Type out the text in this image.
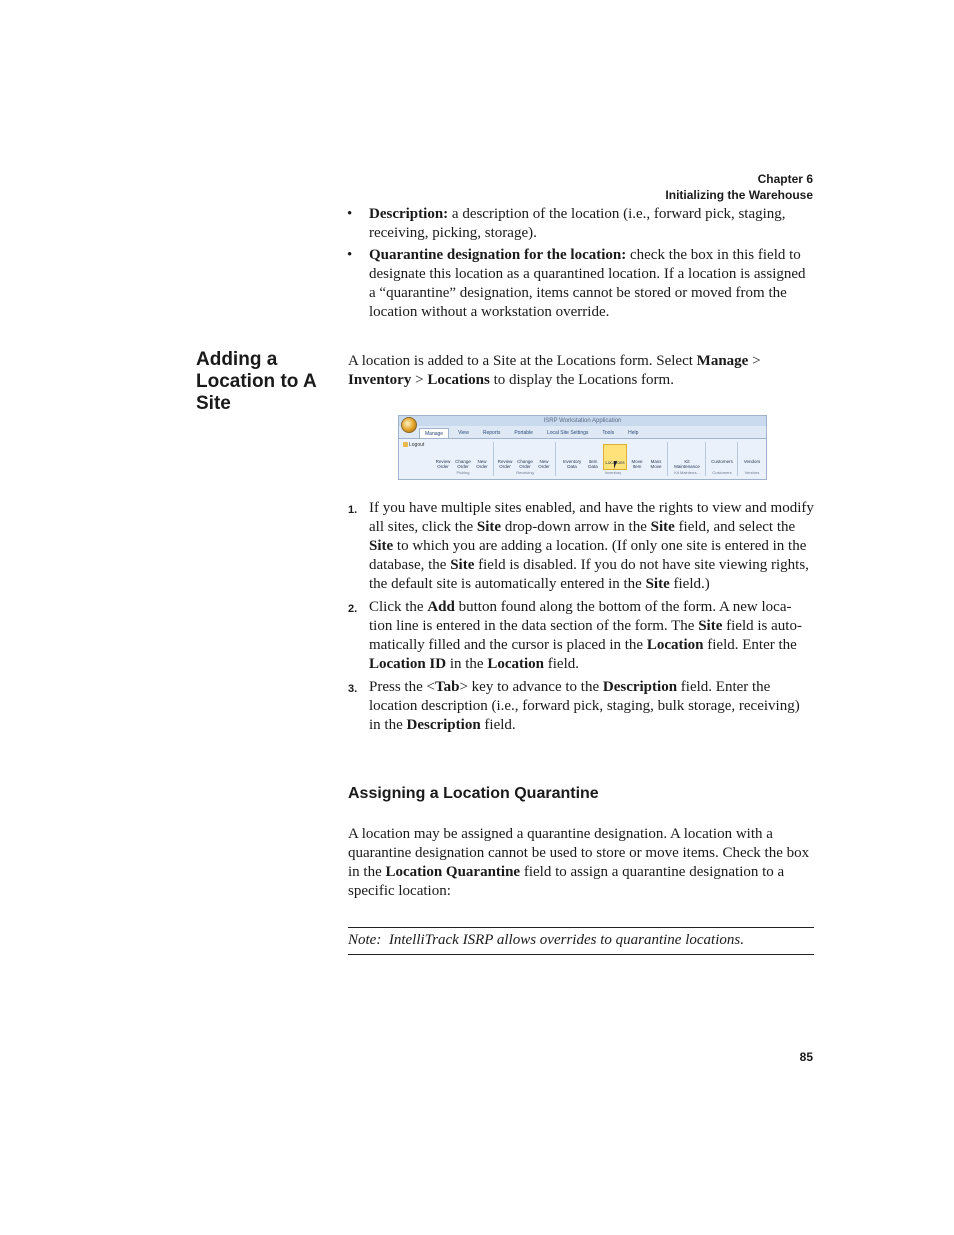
Chapter 6
Initializing the Warehouse
• Description: a description of the location (i.e., forward pick, staging, receiving, picking, storage).
• Quarantine designation for the location: check the box in this field to designate this location as a quarantined location. If a location is assigned a “quarantine” designation, items cannot be stored or moved from the location without a workstation override.
Adding a Location to A Site
A location is added to a Site at the Locations form. Select Manage > Inventory > Locations to display the Locations form.
ISRP Workstation Application
Manage	View	Reports	Portable	Local Site Settings	Tools	Help
Logout
Review Order
Change Order
New Order
Picking
Review Order
Change Order
New Order
Receiving
Inventory Data
Item Data
Locations	Move Item
Mass Move
Inventory
Kit Maintenance
Kit Maintena...
Customers
Customers
Vendors
Vendors
1. If you have multiple sites enabled, and have the rights to view and modify all sites, click the Site drop-down arrow in the Site field, and select the Site to which you are adding a location. (If only one site is entered in the database, the Site field is disabled. If you do not have site viewing rights, the default site is automatically entered in the Site field.)
2. Click the Add button found along the bottom of the form. A new loca-tion line is entered in the data section of the form. The Site field is auto-matically filled and the cursor is placed in the Location field. Enter the Location ID in the Location field.
3. Press the <Tab> key to advance to the Description field. Enter the location description (i.e., forward pick, staging, bulk storage, receiving) in the Description field.
Assigning a Location Quarantine
A location may be assigned a quarantine designation. A location with a quarantine designation cannot be used to store or move items. Check the box in the Location Quarantine field to assign a quarantine designation to a specific location:
Note: IntelliTrack ISRP allows overrides to quarantine locations.
85
